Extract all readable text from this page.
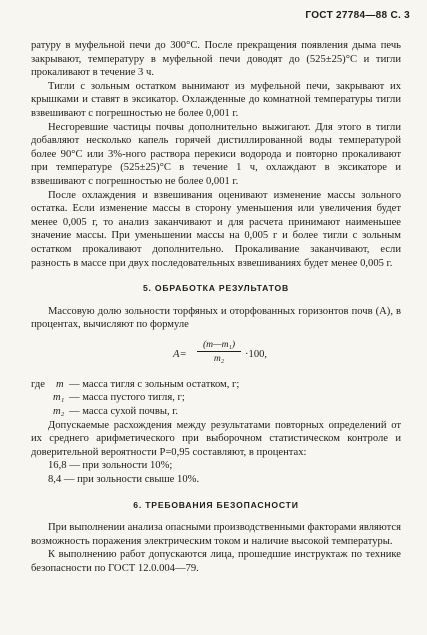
ГОСТ 27784—88 С. 3

ратуру в муфельной печи до 300°С. После прекращения появления дыма печь закрывают, температуру в муфельной печи доводят до (525±25)°С и тигли прокаливают в течение 3 ч.

Тигли с зольным остатком вынимают из муфельной печи, закрывают их крышками и ставят в эксикатор. Охлажденные до комнатной температуры тигли взвешивают с погрешностью не более 0,001 г.

Несгоревшие частицы почвы дополнительно выжигают. Для этого в тигли добавляют несколько капель горячей дистиллированной воды температурой более 90°С или 3%-ного раствора перекиси водорода и повторно прокаливают при температуре (525±25)°С в течение 1 ч, охлаждают в эксикаторе и взвешивают с погрешностью не более 0,001 г.

После охлаждения и взвешивания оценивают изменение массы зольного остатка. Если изменение массы в сторону уменьшения или увеличения будет менее 0,005 г, то анализ заканчивают и для расчета принимают наименьшее значение массы. При уменьшении массы на 0,005 г и более тигли с зольным остатком прокаливают дополнительно. Прокаливание заканчивают, если разность в массе при двух последовательных взвешиваниях будет менее 0,005 г.

5. ОБРАБОТКА РЕЗУЛЬТАТОВ

Массовую долю зольности торфяных и оторфованных горизонтов почв (А), в процентах, вычисляют по формуле

$A= \frac{\text{(m—m₁)}}{\text{m₂}} \cdot 100$,
где m — масса тигля с зольным остатком, г;
m₁ — масса пустого тигля, г;
m₂ — масса сухой почвы, г.

Допускаемые расхождения между результатами повторных определений от их среднего арифметического при выборочном статистическом контроле и доверительной вероятности P=0,95 составляют, в процентах:

16,8 — при зольности 10%;
8,4 — при зольности свыше 10%.
6. ТРЕБОВАНИЯ БЕЗОПАСНОСТИ

При выполнении анализа опасными производственными факторами являются возможность поражения электрическим током и наличие высокой температуры.

К выполнению работ допускаются лица, прошедшие инструктаж по технике безопасности по ГОСТ 12.0.004—79.
